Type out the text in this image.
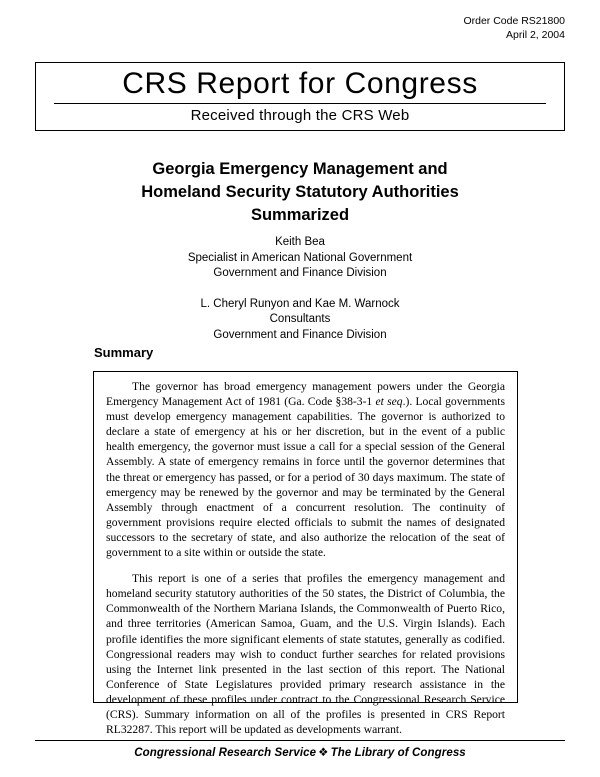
Order Code RS21800
April 2, 2004
CRS Report for Congress
Received through the CRS Web
Georgia Emergency Management and
Homeland Security Statutory Authorities
Summarized
Keith Bea
Specialist in American National Government
Government and Finance Division
L. Cheryl Runyon and Kae M. Warnock
Consultants
Government and Finance Division
Summary

The governor has broad emergency management powers under the Georgia Emergency Management Act of 1981 (Ga. Code §38-3-1 et seq.). Local governments must develop emergency management capabilities. The governor is authorized to declare a state of emergency at his or her discretion, but in the event of a public health emergency, the governor must issue a call for a special session of the General Assembly. A state of emergency remains in force until the governor determines that the threat or emergency has passed, or for a period of 30 days maximum. The state of emergency may be renewed by the governor and may be terminated by the General Assembly through enactment of a concurrent resolution. The continuity of government provisions require elected officials to submit the names of designated successors to the secretary of state, and also authorize the relocation of the seat of government to a site within or outside the state.

This report is one of a series that profiles the emergency management and homeland security statutory authorities of the 50 states, the District of Columbia, the Commonwealth of the Northern Mariana Islands, the Commonwealth of Puerto Rico, and three territories (American Samoa, Guam, and the U.S. Virgin Islands). Each profile identifies the more significant elements of state statutes, generally as codified. Congressional readers may wish to conduct further searches for related provisions using the Internet link presented in the last section of this report. The National Conference of State Legislatures provided primary research assistance in the development of these profiles under contract to the Congressional Research Service (CRS). Summary information on all of the profiles is presented in CRS Report RL32287. This report will be updated as developments warrant.

Congressional Research Service ❖ The Library of Congress
